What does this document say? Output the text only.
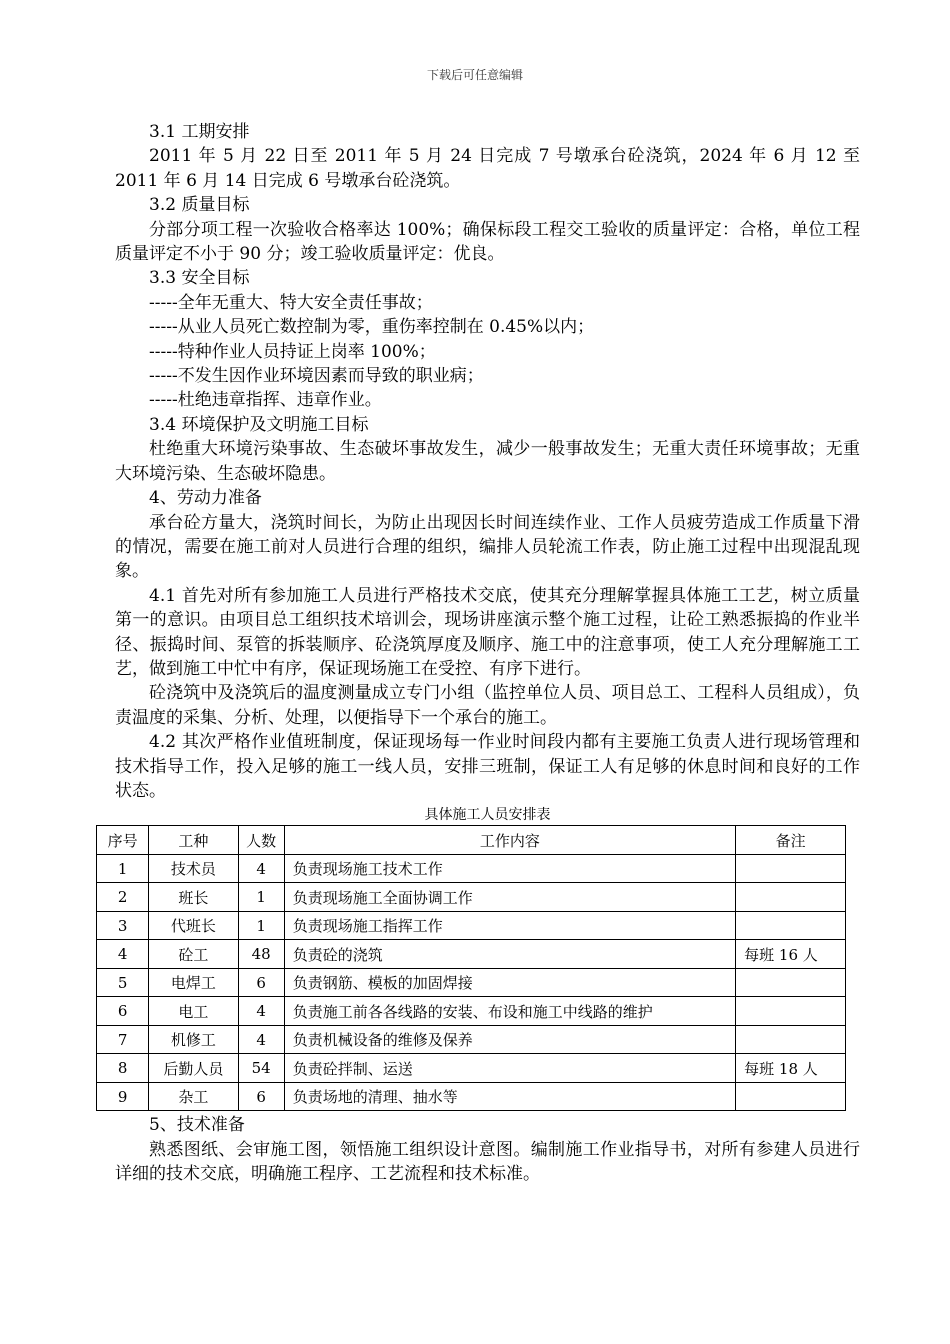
下载后可任意编辑

3.1 工期安排

2011 年 5 月 22 日至 2011 年 5 月 24 日完成 7 号墩承台砼浇筑，2024 年 6 月 12 至 2011 年 6 月 14 日完成 6 号墩承台砼浇筑。

3.2 质量目标

分部分项工程一次验收合格率达 100%；确保标段工程交工验收的质量评定：合格，单位工程质量评定不小于 90 分；竣工验收质量评定：优良。

3.3 安全目标

-----全年无重大、特大安全责任事故；

-----从业人员死亡数控制为零，重伤率控制在 0.45%以内；

-----特种作业人员持证上岗率 100%；

-----不发生因作业环境因素而导致的职业病；

-----杜绝违章指挥、违章作业。

3.4 环境保护及文明施工目标

杜绝重大环境污染事故、生态破坏事故发生，减少一般事故发生；无重大责任环境事故；无重大环境污染、生态破坏隐患。

4、劳动力准备

承台砼方量大，浇筑时间长，为防止出现因长时间连续作业、工作人员疲劳造成工作质量下滑的情况，需要在施工前对人员进行合理的组织，编排人员轮流工作表，防止施工过程中出现混乱现象。

4.1 首先对所有参加施工人员进行严格技术交底，使其充分理解掌握具体施工工艺，树立质量第一的意识。由项目总工组织技术培训会，现场讲座演示整个施工过程，让砼工熟悉振捣的作业半径、振捣时间、泵管的拆装顺序、砼浇筑厚度及顺序、施工中的注意事项，使工人充分理解施工工艺，做到施工中忙中有序，保证现场施工在受控、有序下进行。

砼浇筑中及浇筑后的温度测量成立专门小组（监控单位人员、项目总工、工程科人员组成），负责温度的采集、分析、处理，以便指导下一个承台的施工。

4.2 其次严格作业值班制度，保证现场每一作业时间段内都有主要施工负责人进行现场管理和技术指导工作，投入足够的施工一线人员，安排三班制，保证工人有足够的休息时间和良好的工作状态。

具体施工人员安排表
序号	工种	人数	工作内容	备注
1	技术员	4	负责现场施工技术工作	
2	班长	1	负责现场施工全面协调工作	
3	代班长	1	负责现场施工指挥工作	
4	砼工	48	负责砼的浇筑	每班 16 人
5	电焊工	6	负责钢筋、模板的加固焊接	
6	电工	4	负责施工前各各线路的安装、布设和施工中线路的维护	
7	机修工	4	负责机械设备的维修及保养	
8	后勤人员	54	负责砼拌制、运送	每班 18 人
9	杂工	6	负责场地的清理、抽水等	

5、技术准备

熟悉图纸、会审施工图，领悟施工组织设计意图。编制施工作业指导书，对所有参建人员进行详细的技术交底，明确施工程序、工艺流程和技术标准。
